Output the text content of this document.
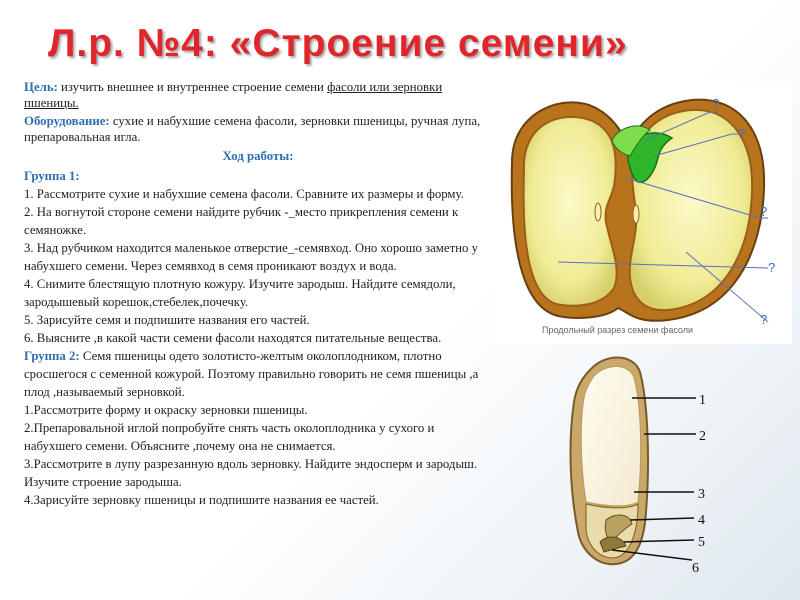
Л.р. №4: «Строение семени»

Цель: изучить внешнее и внутреннее строение семени фасоли или зерновки пшеницы.

Оборудование: сухие и набухшие семена фасоли, зерновки пшеницы, ручная лупа, препаровальная игла.

Ход работы:

Группа 1:

1. Рассмотрите сухие и набухшие семена фасоли. Сравните их размеры и форму.

2. На вогнутой стороне семени найдите рубчик -_место прикрепления семени к семяножке.

3. Над рубчиком находится маленькое отверстие_-семявход. Оно хорошо заметно у набухшего семени. Через семявход в семя проникают воздух и вода.

4. Снимите блестящую плотную кожуру. Изучите зародыш. Найдите семядоли, зародышевый корешок,стебелек,почечку.

5. Зарисуйте семя и подпишите названия его частей.

6. Выясните ,в какой части семени фасоли находятся питательные вещества.

Группа 2: Семя пшеницы одето золотисто-желтым околоплодником, плотно сросшегося с семенной кожурой. Поэтому правильно говорить не семя пшеницы ,а плод ,называемый зерновкой.

1.Рассмотрите форму и окраску зерновки пшеницы.

2.Препаровальной иглой попробуйте снять часть околоплодника у сухого и набухшего семени. Объясните ,почему она не снимается.

3.Рассмотрите в лупу разрезанную вдоль зерновку. Найдите эндосперм и зародыш. Изучите строение зародыша.

4.Зарисуйте зерновку пшеницы и подпишите названия ее частей.

?
?
?
?
?
Продольный разрез семени фасоли
1
2
3
4
5
6
